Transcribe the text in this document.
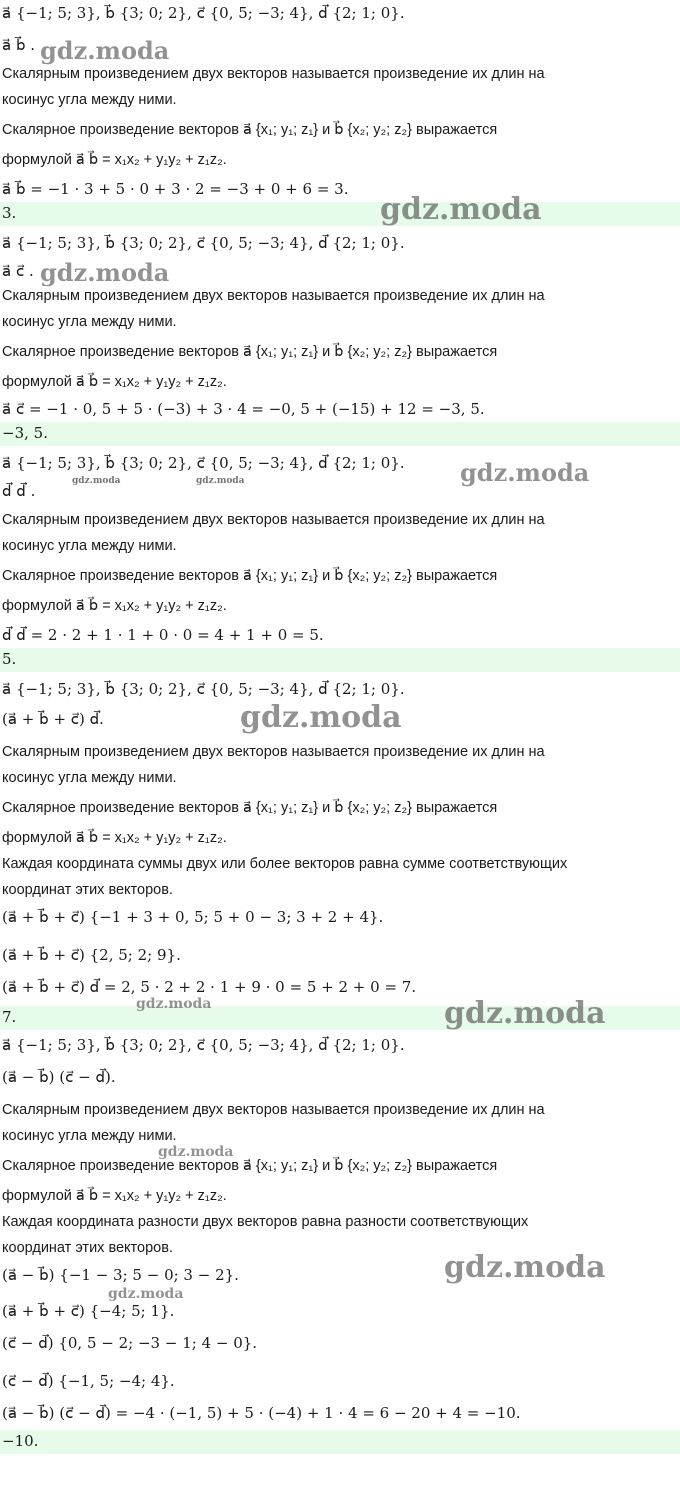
a⃗ {−1; 5; 3}, b⃗ {3; 0; 2}, c⃗ {0, 5; −3; 4}, d⃗ {2; 1; 0}.
a⃗ b⃗ .
Скалярным произведением двух векторов называется произведение их длин на
косинус угла между ними.
Скалярное произведение векторов a⃗ {x₁; y₁; z₁} и b⃗ {x₂; y₂; z₂} выражается
формулой a⃗ b⃗ = x₁x₂ + y₁y₂ + z₁z₂.
a⃗ b⃗ = −1 · 3 + 5 · 0 + 3 · 2 = −3 + 0 + 6 = 3.
3.
a⃗ {−1; 5; 3}, b⃗ {3; 0; 2}, c⃗ {0, 5; −3; 4}, d⃗ {2; 1; 0}.
a⃗ c⃗ .
Скалярным произведением двух векторов называется произведение их длин на
косинус угла между ними.
Скалярное произведение векторов a⃗ {x₁; y₁; z₁} и b⃗ {x₂; y₂; z₂} выражается
формулой a⃗ b⃗ = x₁x₂ + y₁y₂ + z₁z₂.
a⃗ c⃗ = −1 · 0, 5 + 5 · (−3) + 3 · 4 = −0, 5 + (−15) + 12 = −3, 5.
−3, 5.
a⃗ {−1; 5; 3}, b⃗ {3; 0; 2}, c⃗ {0, 5; −3; 4}, d⃗ {2; 1; 0}.
d⃗ d⃗ .
Скалярным произведением двух векторов называется произведение их длин на
косинус угла между ними.
Скалярное произведение векторов a⃗ {x₁; y₁; z₁} и b⃗ {x₂; y₂; z₂} выражается
формулой a⃗ b⃗ = x₁x₂ + y₁y₂ + z₁z₂.
d⃗ d⃗ = 2 · 2 + 1 · 1 + 0 · 0 = 4 + 1 + 0 = 5.
5.
a⃗ {−1; 5; 3}, b⃗ {3; 0; 2}, c⃗ {0, 5; −3; 4}, d⃗ {2; 1; 0}.
(a⃗ + b⃗ + c⃗) d⃗.
Скалярным произведением двух векторов называется произведение их длин на
косинус угла между ними.
Скалярное произведение векторов a⃗ {x₁; y₁; z₁} и b⃗ {x₂; y₂; z₂} выражается
формулой a⃗ b⃗ = x₁x₂ + y₁y₂ + z₁z₂.
Каждая координата суммы двух или более векторов равна сумме соответствующих
координат этих векторов.
(a⃗ + b⃗ + c⃗) {−1 + 3 + 0, 5; 5 + 0 − 3; 3 + 2 + 4}.
(a⃗ + b⃗ + c⃗) {2, 5; 2; 9}.
(a⃗ + b⃗ + c⃗) d⃗ = 2, 5 · 2 + 2 · 1 + 9 · 0 = 5 + 2 + 0 = 7.
7.
a⃗ {−1; 5; 3}, b⃗ {3; 0; 2}, c⃗ {0, 5; −3; 4}, d⃗ {2; 1; 0}.
(a⃗ − b⃗) (c⃗ − d⃗).
Скалярным произведением двух векторов называется произведение их длин на
косинус угла между ними.
Скалярное произведение векторов a⃗ {x₁; y₁; z₁} и b⃗ {x₂; y₂; z₂} выражается
формулой a⃗ b⃗ = x₁x₂ + y₁y₂ + z₁z₂.
Каждая координата разности двух векторов равна разности соответствующих
координат этих векторов.
(a⃗ − b⃗) {−1 − 3; 5 − 0; 3 − 2}.
(a⃗ + b⃗ + c⃗) {−4; 5; 1}.
(c⃗ − d⃗) {0, 5 − 2; −3 − 1; 4 − 0}.
(c⃗ − d⃗) {−1, 5; −4; 4}.
(a⃗ − b⃗) (c⃗ − d⃗) = −4 · (−1, 5) + 5 · (−4) + 1 · 4 = 6 − 20 + 4 = −10.
−10.
gdz.moda
gdz.moda
gdz.moda
gdz.moda	gdz.moda	gdz.moda
gdz.moda
gdz.moda	gdz.moda
gdz.moda
gdz.moda
gdz.moda
